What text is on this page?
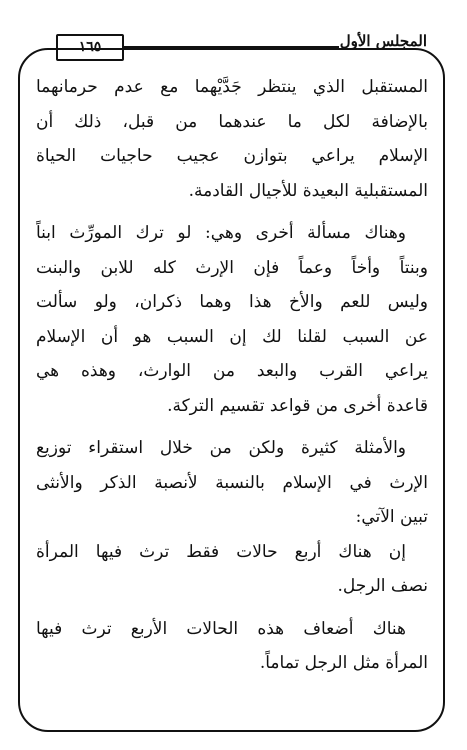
المجلس الأول
١٦٥
المستقبل الذي ينتظر جَدَّيْهما مع عدم حرمانهما
بالإضافة لكل ما عندهما من قبل، ذلك أن
الإسلام يراعي بتوازن عجيب حاجيات الحياة
المستقبلية البعيدة للأجيال القادمة.
وهناك مسألة أخرى وهي: لو ترك المورِّث ابناً
وبنتاً وأخاً وعماً فإن الإرث كله للابن والبنت
وليس للعم والأخ هذا وهما ذكران، ولو سألت
عن السبب لقلنا لك إن السبب هو أن الإسلام
يراعي القرب والبعد من الوارث، وهذه هي
قاعدة أخرى من قواعد تقسيم التركة.
والأمثلة كثيرة ولكن من خلال استقراء توزيع
الإرث في الإسلام بالنسبة لأنصبة الذكر والأنثى
تبين الآتي:
إن هناك أربع حالات فقط ترث فيها المرأة
نصف الرجل.
هناك أضعاف هذه الحالات الأربع ترث فيها
المرأة مثل الرجل تماماً.
